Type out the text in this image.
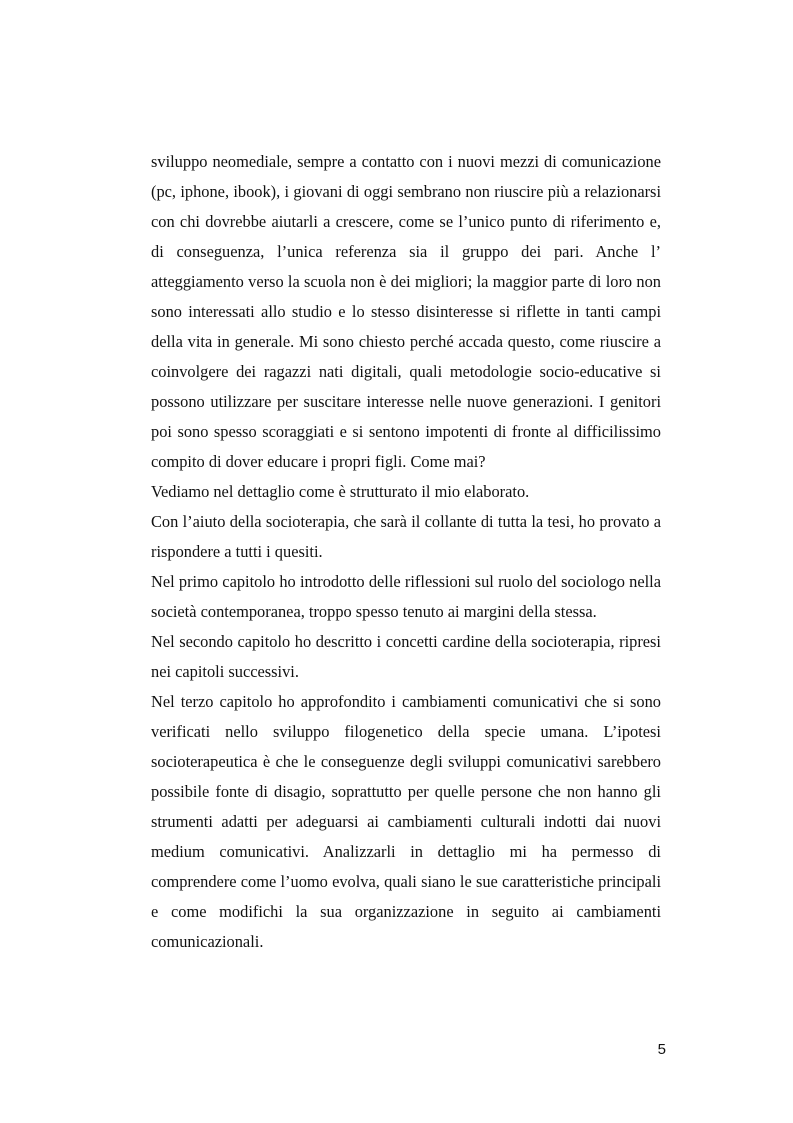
sviluppo neomediale, sempre a contatto con i nuovi mezzi di comunicazione (pc, iphone, ibook), i giovani di oggi sembrano non riuscire più a relazionarsi con chi dovrebbe aiutarli a crescere, come se l’unico punto di riferimento e, di conseguenza, l’unica referenza sia il gruppo dei pari. Anche l’ atteggiamento verso la scuola non è dei migliori; la maggior parte di loro non sono interessati allo studio e lo stesso disinteresse si riflette in tanti campi della vita in generale. Mi sono chiesto perché accada questo, come riuscire a coinvolgere dei ragazzi nati digitali, quali metodologie socio-educative si possono utilizzare per suscitare interesse nelle nuove generazioni. I genitori poi sono spesso scoraggiati e si sentono impotenti di fronte al difficilissimo compito di dover educare i propri figli. Come mai?

Vediamo nel dettaglio come è strutturato il mio elaborato.

Con l’aiuto della socioterapia, che sarà il collante di tutta la tesi, ho provato a rispondere a tutti i quesiti.

Nel primo capitolo ho introdotto delle riflessioni sul ruolo del sociologo nella società contemporanea, troppo spesso tenuto ai margini della stessa.

Nel secondo capitolo ho descritto i concetti cardine della socioterapia, ripresi nei capitoli successivi.

Nel terzo capitolo ho approfondito i cambiamenti comunicativi che si sono verificati nello sviluppo filogenetico della specie umana. L’ipotesi socioterapeutica è che le conseguenze degli sviluppi comunicativi sarebbero possibile fonte di disagio, soprattutto per quelle persone che non hanno gli strumenti adatti per adeguarsi ai cambiamenti culturali indotti dai nuovi medium comunicativi. Analizzarli in dettaglio mi ha permesso di comprendere come l’uomo evolva, quali siano le sue caratteristiche principali e come modifichi la sua organizzazione in seguito ai cambiamenti comunicazionali.

5
